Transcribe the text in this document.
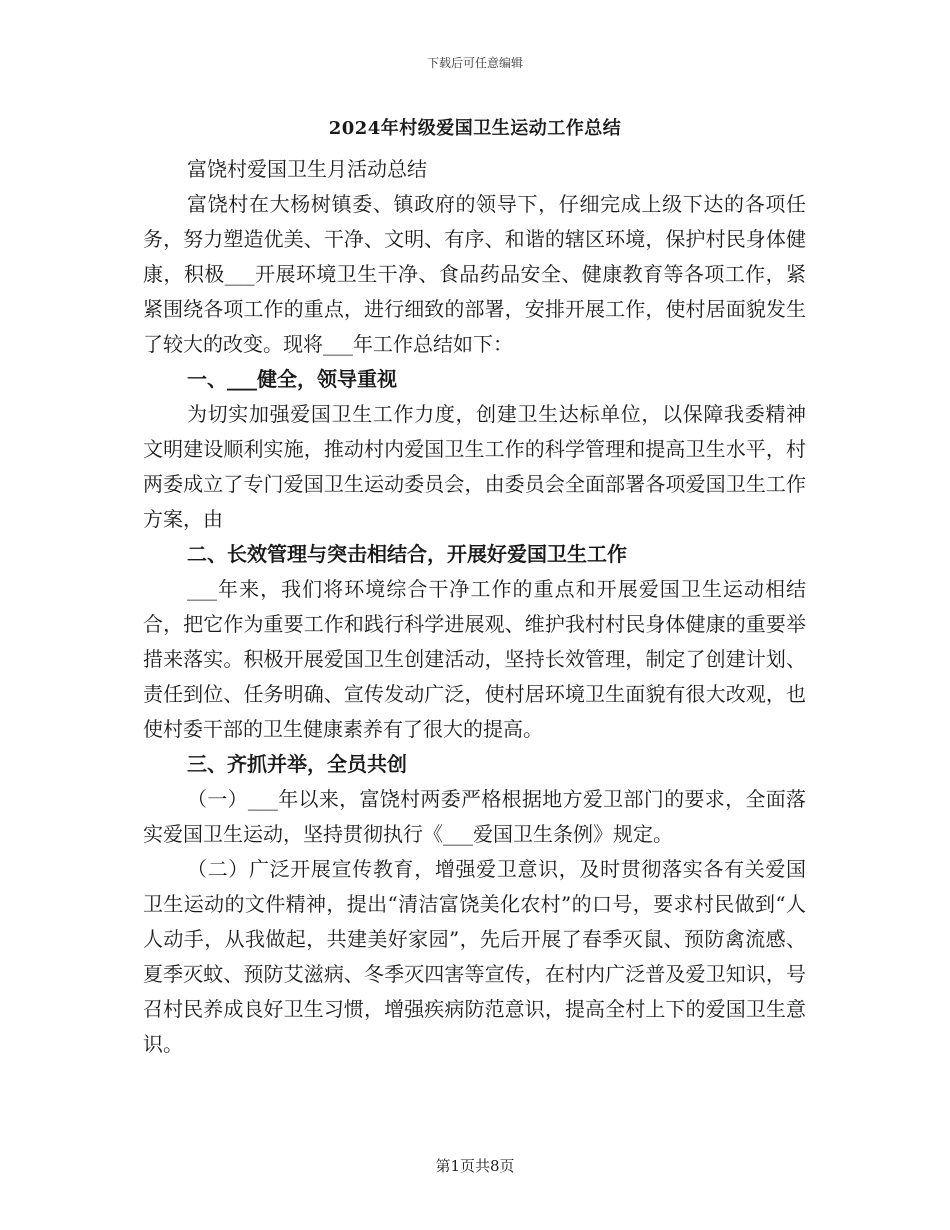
下载后可任意编辑
2024年村级爱国卫生运动工作总结

富饶村爱国卫生月活动总结

富饶村在大杨树镇委、镇政府的领导下，仔细完成上级下达的各项任务，努力塑造优美、干净、文明、有序、和谐的辖区环境，保护村民身体健康，积极___开展环境卫生干净、食品药品安全、健康教育等各项工作，紧紧围绕各项工作的重点，进行细致的部署，安排开展工作，使村居面貌发生了较大的改变。现将___年工作总结如下：

一、___健全，领导重视

为切实加强爱国卫生工作力度，创建卫生达标单位，以保障我委精神文明建设顺利实施，推动村内爱国卫生工作的科学管理和提高卫生水平，村两委成立了专门爱国卫生运动委员会，由委员会全面部署各项爱国卫生工作方案，由

二、长效管理与突击相结合，开展好爱国卫生工作

___年来，我们将环境综合干净工作的重点和开展爱国卫生运动相结合，把它作为重要工作和践行科学进展观、维护我村村民身体健康的重要举措来落实。积极开展爱国卫生创建活动，坚持长效管理，制定了创建计划、责任到位、任务明确、宣传发动广泛，使村居环境卫生面貌有很大改观，也使村委干部的卫生健康素养有了很大的提高。

三、齐抓并举，全员共创

（一）___年以来，富饶村两委严格根据地方爱卫部门的要求，全面落实爱国卫生运动，坚持贯彻执行《___爱国卫生条例》规定。

（二）广泛开展宣传教育，增强爱卫意识，及时贯彻落实各有关爱国卫生运动的文件精神，提出“清洁富饶美化农村”的口号，要求村民做到“人人动手，从我做起，共建美好家园”，先后开展了春季灭鼠、预防禽流感、夏季灭蚊、预防艾滋病、冬季灭四害等宣传，在村内广泛普及爱卫知识，号召村民养成良好卫生习惯，增强疾病防范意识，提高全村上下的爱国卫生意识。

第1页共8页
